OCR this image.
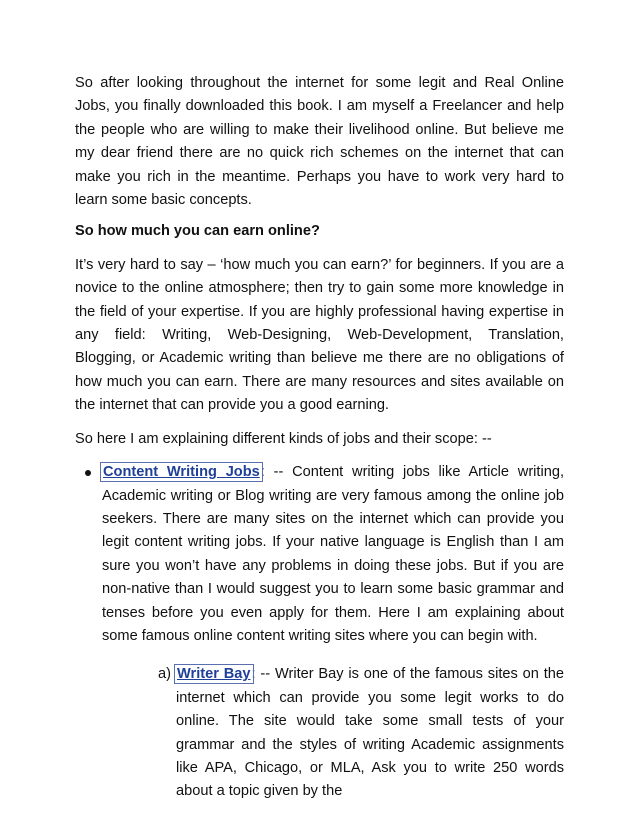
So after looking throughout the internet for some legit and Real Online Jobs, you finally downloaded this book. I am myself a Freelancer and help the people who are willing to make their livelihood online. But believe me my dear friend there are no quick rich schemes on the internet that can make you rich in the meantime. Perhaps you have to work very hard to learn some basic concepts.

So how much you can earn online?

It’s very hard to say – ‘how much you can earn?’ for beginners. If you are a novice to the online atmosphere; then try to gain some more knowledge in the field of your expertise. If you are highly professional having expertise in any field: Writing, Web-Designing, Web-Development, Translation, Blogging, or Academic writing than believe me there are no obligations of how much you can earn. There are many resources and sites available on the internet that can provide you a good earning.

So here I am explaining different kinds of jobs and their scope: --

Content Writing Jobs: -- Content writing jobs like Article writing, Academic writing or Blog writing are very famous among the online job seekers. There are many sites on the internet which can provide you legit content writing jobs. If your native language is English than I am sure you won’t have any problems in doing these jobs. But if you are non-native than I would suggest you to learn some basic grammar and tenses before you even apply for them. Here I am explaining about some famous online content writing sites where you can begin with.

a) Writer Bay: -- Writer Bay is one of the famous sites on the internet which can provide you some legit works to do online. The site would take some small tests of your grammar and the styles of writing Academic assignments like APA, Chicago, or MLA, Ask you to write 250 words about a topic given by the
